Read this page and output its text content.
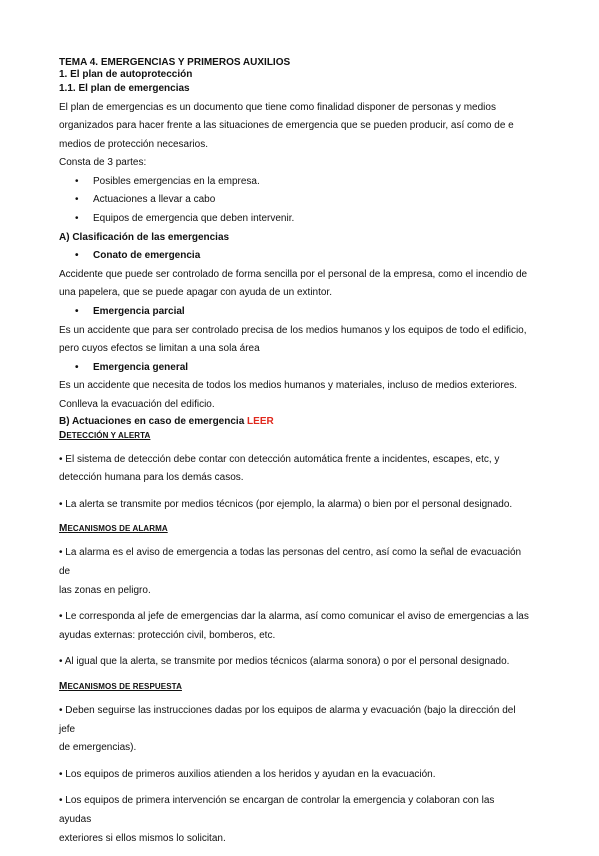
TEMA 4. EMERGENCIAS Y PRIMEROS AUXILIOS
1. El plan de autoprotección
1.1. El plan de emergencias
El plan de emergencias es un documento que tiene como finalidad disponer de personas y medios
organizados para hacer frente a las situaciones de emergencia que se pueden producir, así como de e
medios de protección necesarios.
Consta de 3 partes:
• Posibles emergencias en la empresa.
• Actuaciones a llevar a cabo
• Equipos de emergencia que deben intervenir.
A) Clasificación de las emergencias
• Conato de emergencia
Accidente que puede ser controlado de forma sencilla por el personal de la empresa, como el incendio de
una papelera, que se puede apagar con ayuda de un extintor.
• Emergencia parcial
Es un accidente que para ser controlado precisa de los medios humanos y los equipos de todo el edificio,
pero cuyos efectos se limitan a una sola área
• Emergencia general
Es un accidente que necesita de todos los medios humanos y materiales, incluso de medios exteriores.
Conlleva la evacuación del edificio.
B) Actuaciones en caso de emergencia LEER
DETECCIÓN Y ALERTA
• El sistema de detección debe contar con detección automática frente a incidentes, escapes, etc, y
detección humana para los demás casos.
• La alerta se transmite por medios técnicos (por ejemplo, la alarma) o bien por el personal designado.
MECANISMOS DE ALARMA
• La alarma es el aviso de emergencia a todas las personas del centro, así como la señal de evacuación de
las zonas en peligro.
• Le corresponda al jefe de emergencias dar la alarma, así como comunicar el aviso de emergencias a las
ayudas externas: protección civil, bomberos, etc.
• Al igual que la alerta, se transmite por medios técnicos (alarma sonora) o por el personal designado.
MECANISMOS DE RESPUESTA
• Deben seguirse las instrucciones dadas por los equipos de alarma y evacuación (bajo la dirección del jefe
de emergencias).
• Los equipos de primeros auxilios atienden a los heridos y ayudan en la evacuación.
• Los equipos de primera intervención se encargan de controlar la emergencia y colaboran con las ayudas
exteriores si ellos mismos lo solicitan.
